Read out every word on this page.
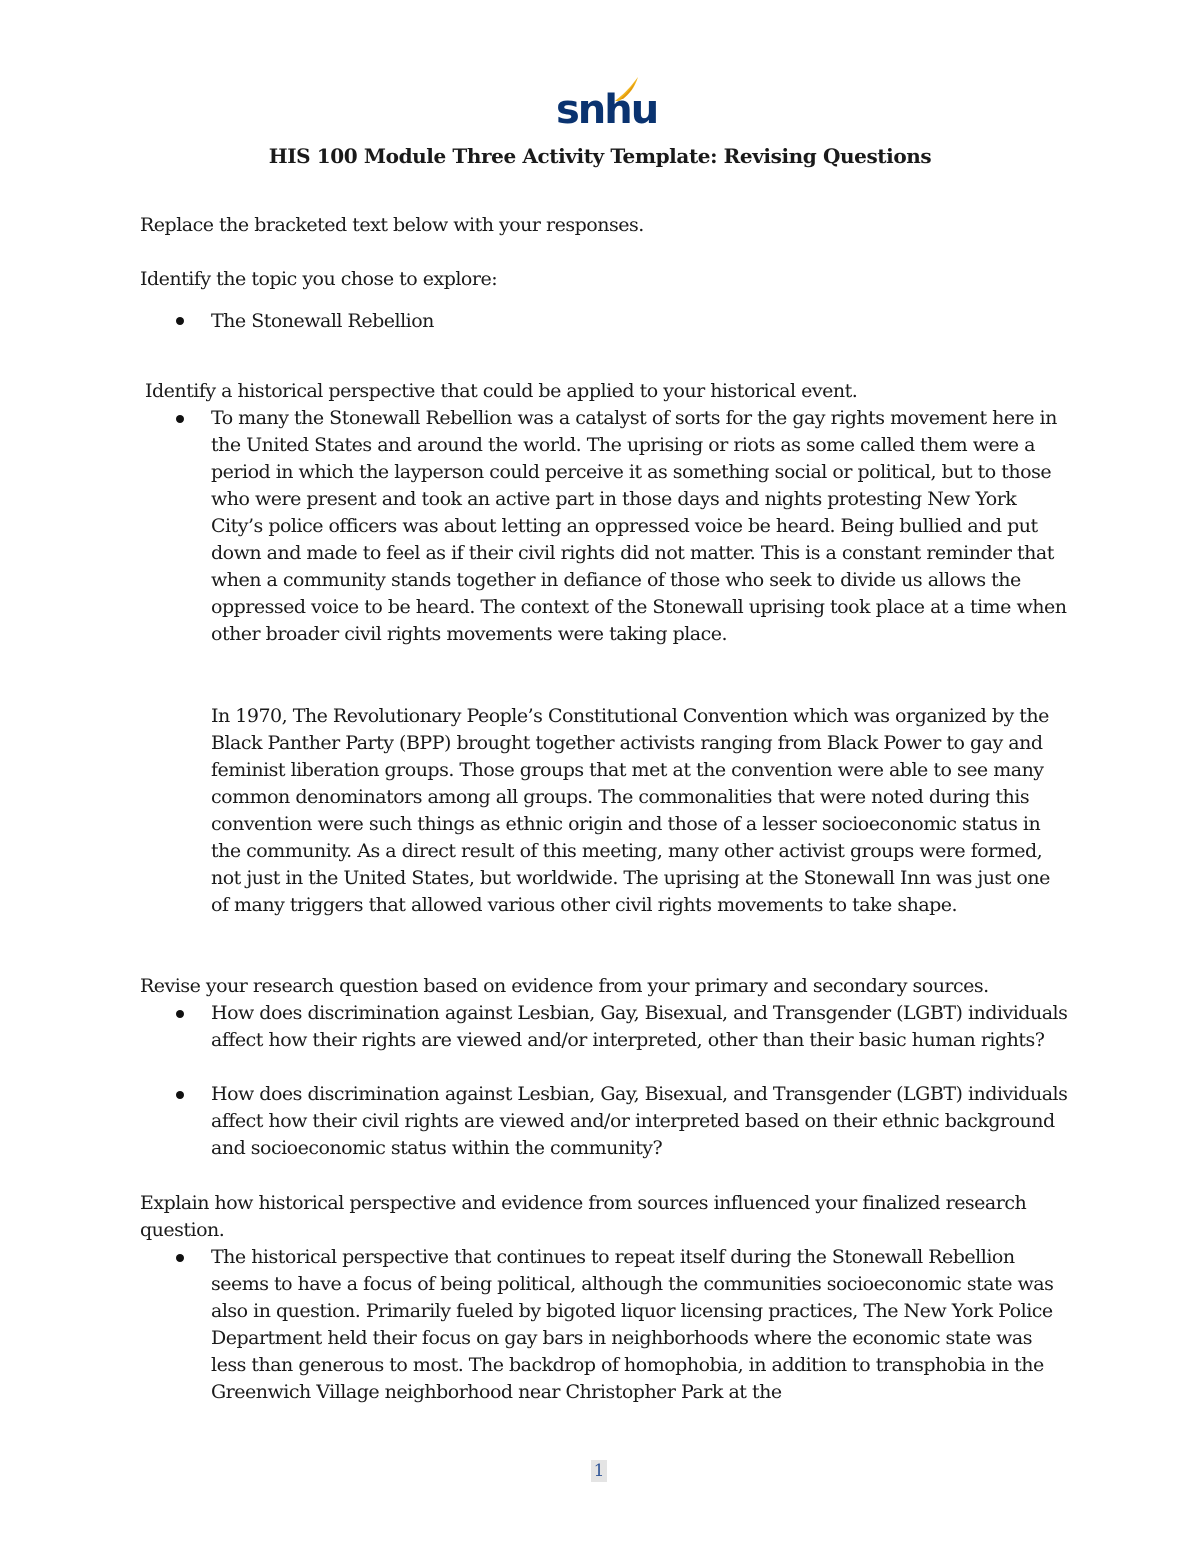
snhu
HIS 100 Module Three Activity Template: Revising Questions

Replace the bracketed text below with your responses.

Identify the topic you chose to explore:

The Stonewall Rebellion

Identify a historical perspective that could be applied to your historical event.

To many the Stonewall Rebellion was a catalyst of sorts for the gay rights movement here in the United States and around the world. The uprising or riots as some called them were a period in which the layperson could perceive it as something social or political, but to those who were present and took an active part in those days and nights protesting New York City’s police officers was about letting an oppressed voice be heard. Being bullied and put down and made to feel as if their civil rights did not matter. This is a constant reminder that when a community stands together in defiance of those who seek to divide us allows the oppressed voice to be heard. The context of the Stonewall uprising took place at a time when other broader civil rights movements were taking place.

In 1970, The Revolutionary People’s Constitutional Convention which was organized by the Black Panther Party (BPP) brought together activists ranging from Black Power to gay and feminist liberation groups. Those groups that met at the convention were able to see many common denominators among all groups. The commonalities that were noted during this convention were such things as ethnic origin and those of a lesser socioeconomic status in the community. As a direct result of this meeting, many other activist groups were formed, not just in the United States, but worldwide. The uprising at the Stonewall Inn was just one of many triggers that allowed various other civil rights movements to take shape.

Revise your research question based on evidence from your primary and secondary sources.

How does discrimination against Lesbian, Gay, Bisexual, and Transgender (LGBT) individuals affect how their rights are viewed and/or interpreted, other than their basic human rights?

How does discrimination against Lesbian, Gay, Bisexual, and Transgender (LGBT) individuals affect how their civil rights are viewed and/or interpreted based on their ethnic background and socioeconomic status within the community?

Explain how historical perspective and evidence from sources influenced your finalized research question.

The historical perspective that continues to repeat itself during the Stonewall Rebellion seems to have a focus of being political, although the communities socioeconomic state was also in question. Primarily fueled by bigoted liquor licensing practices, The New York Police Department held their focus on gay bars in neighborhoods where the economic state was less than generous to most. The backdrop of homophobia, in addition to transphobia in the Greenwich Village neighborhood near Christopher Park at the

1
